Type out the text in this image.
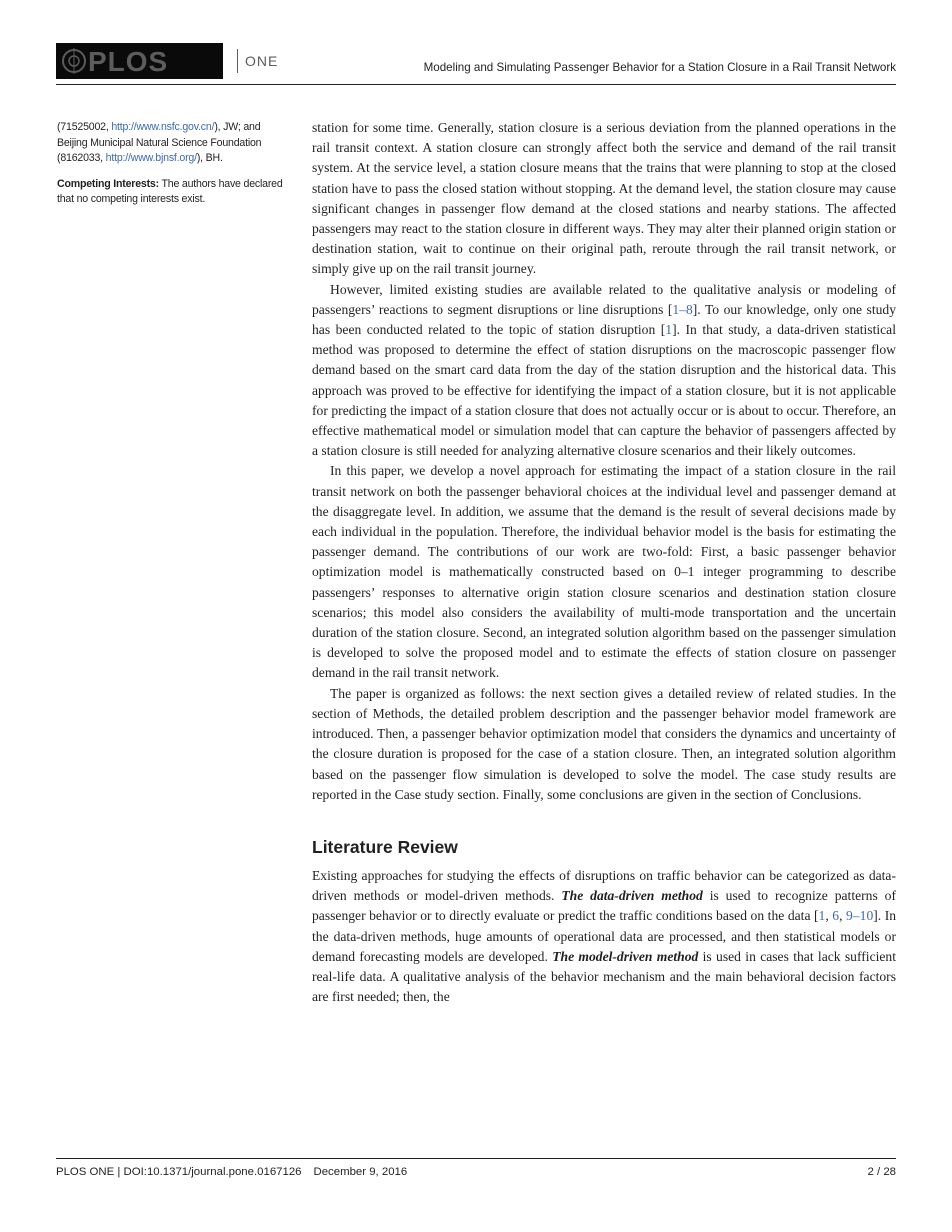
PLOS	ONE	Modeling and Simulating Passenger Behavior for a Station Closure in a Rail Transit Network

(71525002, http://www.nsfc.gov.cn/), JW; and Beijing Municipal Natural Science Foundation (8162033, http://www.bjnsf.org/), BH.

Competing Interests: The authors have declared that no competing interests exist.

station for some time. Generally, station closure is a serious deviation from the planned operations in the rail transit context. A station closure can strongly affect both the service and demand of the rail transit system. At the service level, a station closure means that the trains that were planning to stop at the closed station have to pass the closed station without stopping. At the demand level, the station closure may cause significant changes in passenger flow demand at the closed stations and nearby stations. The affected passengers may react to the station closure in different ways. They may alter their planned origin station or destination station, wait to continue on their original path, reroute through the rail transit network, or simply give up on the rail transit journey.

However, limited existing studies are available related to the qualitative analysis or modeling of passengers’ reactions to segment disruptions or line disruptions [1–8]. To our knowledge, only one study has been conducted related to the topic of station disruption [1]. In that study, a data-driven statistical method was proposed to determine the effect of station disruptions on the macroscopic passenger flow demand based on the smart card data from the day of the station disruption and the historical data. This approach was proved to be effective for identifying the impact of a station closure, but it is not applicable for predicting the impact of a station closure that does not actually occur or is about to occur. Therefore, an effective mathematical model or simulation model that can capture the behavior of passengers affected by a station closure is still needed for analyzing alternative closure scenarios and their likely outcomes.

In this paper, we develop a novel approach for estimating the impact of a station closure in the rail transit network on both the passenger behavioral choices at the individual level and passenger demand at the disaggregate level. In addition, we assume that the demand is the result of several decisions made by each individual in the population. Therefore, the individual behavior model is the basis for estimating the passenger demand. The contributions of our work are two-fold: First, a basic passenger behavior optimization model is mathematically constructed based on 0–1 integer programming to describe passengers’ responses to alternative origin station closure scenarios and destination station closure scenarios; this model also considers the availability of multi-mode transportation and the uncertain duration of the station closure. Second, an integrated solution algorithm based on the passenger simulation is developed to solve the proposed model and to estimate the effects of station closure on passenger demand in the rail transit network.

The paper is organized as follows: the next section gives a detailed review of related studies. In the section of Methods, the detailed problem description and the passenger behavior model framework are introduced. Then, a passenger behavior optimization model that considers the dynamics and uncertainty of the closure duration is proposed for the case of a station closure. Then, an integrated solution algorithm based on the passenger flow simulation is developed to solve the model. The case study results are reported in the Case study section. Finally, some conclusions are given in the section of Conclusions.

Literature Review

Existing approaches for studying the effects of disruptions on traffic behavior can be categorized as data-driven methods or model-driven methods. The data-driven method is used to recognize patterns of passenger behavior or to directly evaluate or predict the traffic conditions based on the data [1, 6, 9–10]. In the data-driven methods, huge amounts of operational data are processed, and then statistical models or demand forecasting models are developed. The model-driven method is used in cases that lack sufficient real-life data. A qualitative analysis of the behavior mechanism and the main behavioral decision factors are first needed; then, the

PLOS ONE | DOI:10.1371/journal.pone.0167126 December 9, 2016	2 / 28
